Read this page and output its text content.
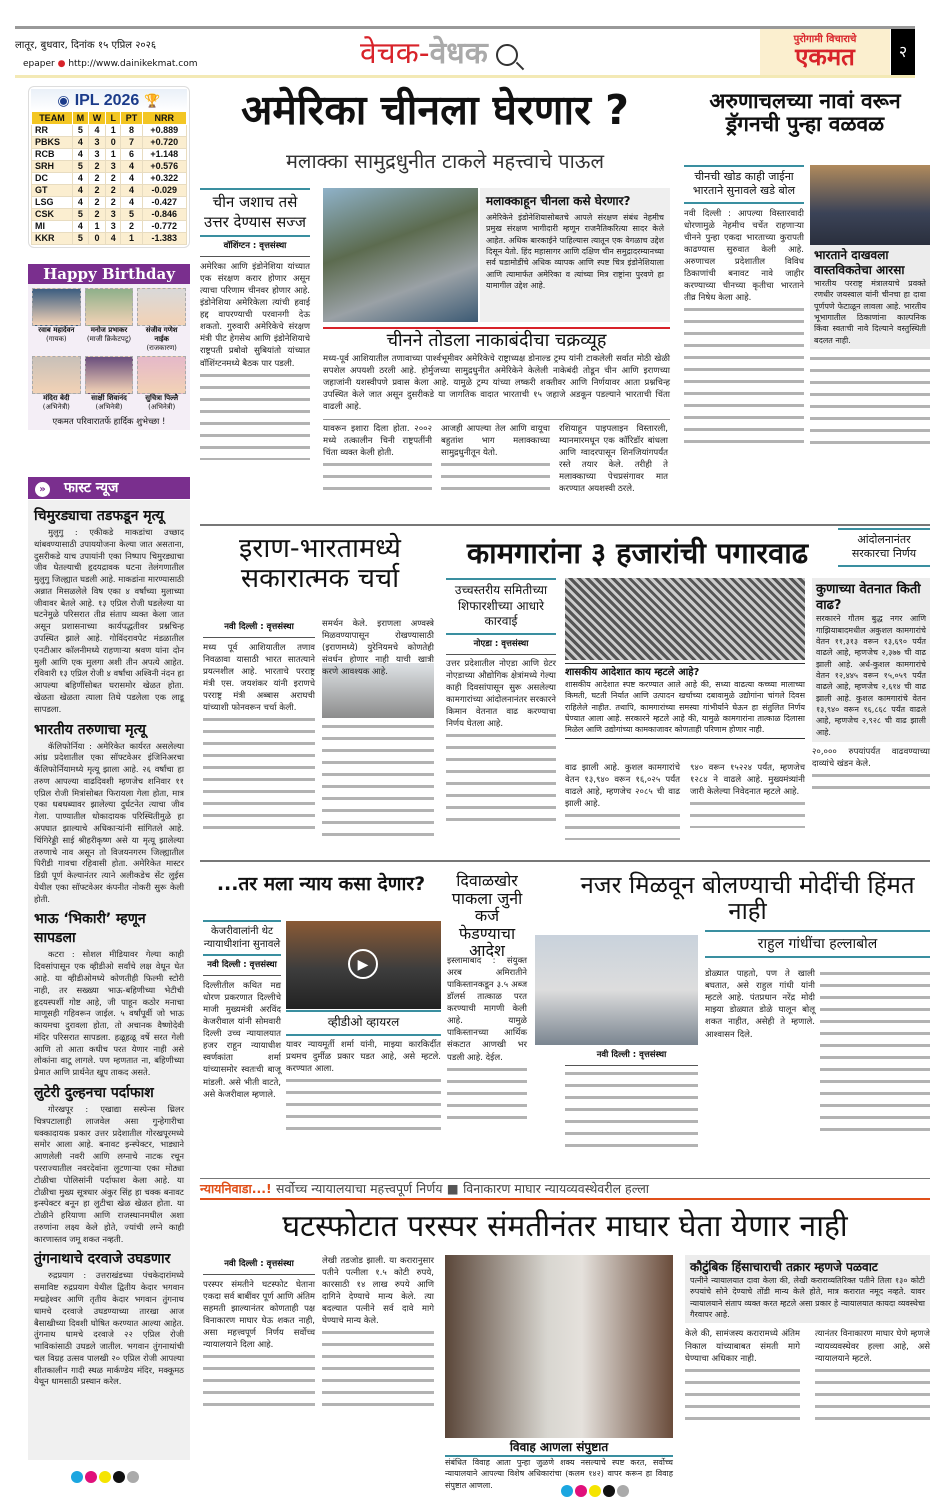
लातूर, बुधवार, दिनांक १५ एप्रिल २०२६
epaper ● http://www.dainikekmat.com	वेचक-वेधक	पुरोगामी विचाराचे
एकमत	२
◉ IPL 2026 🏆
TEAM	M	W	L	PT	NRR
RR	5	4	1	8	+0.889
PBKS	4	3	0	7	+0.720
RCB	4	3	1	6	+1.148
SRH	5	2	3	4	+0.576
DC	4	2	2	4	+0.322
GT	4	2	2	4	-0.029
LSG	4	2	2	4	-0.427
CSK	5	2	3	5	-0.846
MI	4	1	3	2	-0.772
KKR	5	0	4	1	-1.383
Happy Birthday
रवाब महादेवन
(गायक)
मनोज प्रभाकर
(माजी क्रिकेटपटू)
संजीव गणेश नाईक
(राजकारण)
मंदिरा बेदी
(अभिनेत्री)
साक्षी शिवानंद
(अभिनेत्री)
सुचित्रा पिल्लै
(अभिनेत्री)
एकमत परिवारातर्फे हार्दिक शुभेच्छा !
» फास्ट न्यूज
चिमुरड्याचा तडफडून मृत्यू
मुलुगु : एकीकडे माकडांचा उच्छाद थांबवण्यासाठी उपाययोजना केल्या जात असताना, दुसरीकडे याच उपायांनी एका निष्पाप चिमुरड्याचा जीव घेतल्याची हृदयद्रावक घटना तेलंगणातील मुलुगु जिल्ह्यात घडली आहे. माकडांना मारण्यासाठी अन्नात मिसळलेले विष एका ४ वर्षांच्या मुलाच्या जीवावर बेतले आहे. १३ एप्रिल रोजी घडलेल्या या घटनेमुळे परिसरात तीव्र संताप व्यक्त केला जात असून प्रशासनाच्या कार्यपद्धतीवर प्रश्नचिन्ह उपस्थित झाले आहे. गोविंदरावपेट मंडळातील एनटीआर कॉलनीमध्ये राहणाऱ्या श्रवण यांना दोन मुली आणि एक मुलगा अशी तीन अपत्ये आहेत. रविवारी १३ एप्रिल रोजी ४ वर्षांचा अश्विनी नंदन हा आपल्या बहिणींसोबत घरासमोर खेळत होता. खेळता खेळता त्याला तिथे पडलेला एक लाडू सापडला.
भारतीय तरुणाचा मृत्यू
कॅलिफोर्निया : अमेरिकेत कार्यरत असलेल्या आंध्र प्रदेशातील एका सॉफ्टवेअर इंजिनिअरचा कॅलिफोर्नियामध्ये मृत्यू झाला आहे. २६ वर्षांचा हा तरुण आपल्या वाढदिवशी म्हणजेच शनिवार ११ एप्रिल रोजी मित्रांसोबत फिरायला गेला होता, मात्र एका धबधब्यावर झालेल्या दुर्घटनेत त्याचा जीव गेला. पाण्यातील धोकादायक परिस्थितीमुळे हा अपघात झाल्याचे अधिकाऱ्यांनी सांगितले आहे. चिंगिरेड्डी साई श्रीहरीकृष्ण असे या मृत्यू झालेल्या तरुणाचे नाव असून तो विजयनगरम जिल्ह्यातील पिरीडी गावचा रहिवासी होता. अमेरिकेत मास्टर डिग्री पूर्ण केल्यानंतर त्याने अलीकडेच सेंट लुईस येथील एका सॉफ्टवेअर कंपनीत नोकरी सुरू केली होती.
भाऊ ‘भिकारी’ म्हणून सापडला
कटरा : सोशल मीडियावर गेल्या काही दिवसांपासून एक व्हीडीओ सर्वांचे लक्ष वेधून घेत आहे. या व्हीडीओमध्ये कोणतीही फिल्मी स्टोरी नाही, तर सख्ख्या भाऊ-बहिणीच्या भेटीची हृदयस्पर्शी गोष्ट आहे, जी पाहून कठोर मनाचा माणूसही गहिवरून जाईल. ५ वर्षांपूर्वी जो भाऊ कायमचा दुरावला होता, तो अचानक वैष्णोदेवी मंदिर परिसरात सापडला. हळूहळू वर्षे सरत गेली आणि तो आता कधीच परत येणार नाही असे लोकांना वाटू लागले. पण म्हणतात ना, बहिणीच्या प्रेमात आणि प्रार्थनेत खूप ताकद असते.
लुटेरी दुल्हनचा पर्दाफाश
गोरखपूर : एखाद्या सस्पेन्स थ्रिलर चित्रपटालाही लाजवेल असा गुन्हेगारीचा धक्कादायक प्रकार उत्तर प्रदेशातील गोरखपूरमध्ये समोर आला आहे. बनावट इन्स्पेक्टर, भाड्याने आणलेली नवरी आणि लग्नाचे नाटक रचून परराज्यातील नवरदेवांना लुटणाऱ्या एका मोठ्या टोळीचा पोलिसांनी पर्दाफाश केला आहे. या टोळीचा मुख्य सूत्रधार अंकुर सिंह हा चक्क बनावट इन्स्पेक्टर बनून हा लुटीचा खेळ खेळत होता. या टोळीने हरियाणा आणि राजस्थानमधील अशा तरुणांना लक्ष्य केले होते, ज्यांची लग्ने काही कारणास्तव जमू शकत नव्हती.
तुंगनाथाचे दरवाजे उघडणार
रुद्रप्रयाग : उत्तराखंडच्या पंचकेदारांमध्ये समाविष्ट रुद्रप्रयाग येथील द्वितीय केदार भगवान मद्महेश्वर आणि तृतीय केदार भगवान तुंगनाथ धामचे दरवाजे उघडण्याच्या तारखा आज बैसाखीच्या दिवशी घोषित करण्यात आल्या आहेत. तुंगनाथ धामचे दरवाजे २२ एप्रिल रोजी भाविकांसाठी उघडले जातील. भगवान तुंगनाथांची चल विग्रह उत्सव पालखी २० एप्रिल रोजी आपल्या शीतकालीन गादी स्थळ मार्कण्डेय मंदिर, मक्कूमठ येथून धामसाठी प्रस्थान करेल.
अमेरिका चीनला घेरणार ?
मलाक्का सामुद्रधुनीत टाकले महत्त्वाचे पाऊल
चीन जशाच तसे उत्तर देण्यास सज्ज
वॉशिंग्टन : वृत्तसंस्था
अमेरिका आणि इंडोनेशिया यांच्यात एक संरक्षण करार होणार असून त्याचा परिणाम चीनवर होणार आहे. इंडोनेशिया अमेरिकेला त्यांची हवाई हद्द वापरण्याची परवानगी देऊ शकतो. गुरुवारी अमेरिकेचे संरक्षण मंत्री पीट हेगसेथ आणि इंडोनेशियाचे राष्ट्रपती प्रबोवो सुबियांतो यांच्यात वॉशिंग्टनमध्ये बैठक पार पडली.
मलाक्काहून चीनला कसे घेरणार?
अमेरिकेने इंडोनेशियासोबतचे आपले संरक्षण संबंध नेहमीच प्रमुख संरक्षण भागीदारी म्हणून राजनैतिकरित्या सादर केले आहेत. अधिक बारकाईने पाहिल्यास त्यातून एक वेगळाच उद्देश दिसून येतो. हिंद महासागर आणि दक्षिण चीन समुद्रादरम्यानच्या सर्व घडामोडींचे अधिक व्यापक आणि स्पष्ट चित्र इंडोनेशियाला आणि त्यामार्फत अमेरिका व त्यांच्या मित्र राष्ट्रांना पुरवणे हा यामागील उद्देश आहे.
चीनने तोडला नाकाबंदीचा चक्रव्यूह
मध्य-पूर्व आशियातील तणावाच्या पार्श्वभूमीवर अमेरिकेचे राष्ट्राध्यक्ष डोनाल्ड ट्रम्प यांनी टाकलेली सर्वात मोठी खेळी सपशेल अपयशी ठरली आहे. होर्मुजच्या सामुद्रधुनीत अमेरिकेने केलेली नाकेबंदी तोडून चीन आणि इराणच्या जहाजांनी यशस्वीपणे प्रवास केला आहे. यामुळे ट्रम्प यांच्या लष्करी शक्तीवर आणि निर्णयावर आता प्रश्नचिन्ह उपस्थित केले जात असून दुसरीकडे या जागतिक वादात भारताची १५ जहाजे अडकून पडल्याने भारताची चिंता वाढली आहे.
यावरून इशारा दिला होता. २००२ मध्ये तत्कालीन चिनी राष्ट्रपतींनी चिंता व्यक्त केली होती.
आजही आपल्या तेल आणि वायूचा बहुतांश भाग मलाक्काच्या सामुद्रधुनीतून येतो.
रशियाहून पाइपलाइन विस्तारली, म्यानमारमधून एक कॉरिडॉर बांधला आणि ग्वादरपासून शिनजियांगपर्यंत रस्ते तयार केले. तरीही ते मलाक्काच्या पेचप्रसंगावर मात करण्यात अयशस्वी ठरले.
अरुणाचलच्या नावां वरून ड्रॅगनची पुन्हा वळवळ
चीनची खोड काही जाईना भारताने सुनावले खडे बोल
नवी दिल्ली : आपल्या विस्तारवादी धोरणामुळे नेहमीच चर्चेत राहणाऱ्या चीनने पुन्हा एकदा भारताच्या कुरापती काढण्यास सुरुवात केली आहे. अरुणाचल प्रदेशातील विविध ठिकाणांची बनावट नावे जाहीर करण्याच्या चीनच्या कृतीचा भारताने तीव्र निषेध केला आहे.
भारताने दाखवला वास्तविकतेचा आरसा
भारतीय परराष्ट्र मंत्रालयाचे प्रवक्ते रणधीर जयस्वाल यांनी चीनचा हा दावा पूर्णपणे फेटाळून लावला आहे. भारतीय भूभागातील ठिकाणांना काल्पनिक किंवा स्वतःची नावे दिल्याने वस्तुस्थिती बदलत नाही.
इराण-भारतामध्ये सकारात्मक चर्चा
नवी दिल्ली : वृत्तसंस्था
मध्य पूर्व आशियातील तणाव निवळावा यासाठी भारत सातत्याने प्रयत्नशील आहे. भारताचे परराष्ट्र मंत्री एस. जयशंकर यांनी इराणचे परराष्ट्र मंत्री अब्बास अराघची यांच्याशी फोनवरून चर्चा केली.
समर्थन केले. इराणला अण्वस्त्रे मिळवण्यापासून रोखण्यासाठी (इराणमध्ये) युरेनियमचे कोणतेही संवर्धन होणार नाही याची खात्री करणे आवश्यक आहे.
कामगारांना ३ हजारांची पगारवाढ	आंदोलनानंतर सरकारचा निर्णय
उच्चस्तरीय समितीच्या शिफारशीच्या आधारे कारवाई
नोएडा : वृत्तसंस्था
उत्तर प्रदेशातील नोएडा आणि ग्रेटर नोएडाच्या औद्योगिक क्षेत्रांमध्ये गेल्या काही दिवसांपासून सुरू असलेल्या कामगारांच्या आंदोलनानंतर सरकारने किमान वेतनात वाढ करण्याचा निर्णय घेतला आहे.
शासकीय आदेशात काय म्हटले आहे?
शासकीय आदेशात स्पष्ट करण्यात आले आहे की, सध्या वाढत्या कच्च्या मालाच्या किमती, घटती निर्यात आणि उत्पादन खर्चाच्या दबावामुळे उद्योगांना चांगले दिवस राहिलेले नाहीत. तथापि, कामगारांच्या समस्या गांभीर्याने घेऊन हा संतुलित निर्णय घेण्यात आला आहे. सरकारने म्हटले आहे की, यामुळे कामगारांना तात्काळ दिलासा मिळेल आणि उद्योगांच्या कामकाजावर कोणताही परिणाम होणार नाही.
वाढ झाली आहे. कुशल कामगारांचे वेतन १३,९४० वरून १६,०२५ पर्यंत वाढले आहे, म्हणजेच २०८५ ची वाढ झाली आहे.
९४० वरून १५२२४ पर्यंत, म्हणजेच १२८४ ने वाढले आहे. मुख्यमंत्र्यांनी जारी केलेल्या निवेदनात म्हटले आहे.
कुणाच्या वेतनात किती वाढ?
सरकारने गौतम बुद्ध नगर आणि गाझियाबादमधील अकुशल कामगारांचे वेतन ११,३१३ वरून १३,६९० पर्यंत वाढले आहे, म्हणजेच २,३७७ ची वाढ झाली आहे. अर्ध-कुशल कामगारांचे वेतन १२,४४५ वरून १५,०५९ पर्यंत वाढले आहे, म्हणजेच २,६१४ ची वाढ झाली आहे. कुशल कामगारांचे वेतन १३,९४० वरून १६,८६८ पर्यंत वाढले आहे, म्हणजेच २,९२८ ची वाढ झाली आहे.
२०,००० रुपयांपर्यंत वाढवण्याच्या दाव्यांचे खंडन केले.
...तर मला न्याय कसा देणार?
केजरीवालांनी थेट न्यायाधीशांना सुनावले
नवी दिल्ली : वृत्तसंस्था
दिल्लीतील कथित मद्य धोरण प्रकरणात दिल्लीचे माजी मुख्यमंत्री अरविंद केजरीवाल यांनी सोमवारी दिल्ली उच्च न्यायालयात हजर राहून न्यायाधीश स्वर्णकांता शर्मा यांच्यासमोर स्वतःची बाजू मांडली. असे भीती वाटते, असे केजरीवाल म्हणाले.
▶
व्हीडीओ व्हायरल
यावर न्यायमूर्ती शर्मा यांनी, माझ्या कारकिर्दीत प्रथमच दुर्मीळ प्रकार घडत आहे, असे म्हटले. करण्यात आला.
दिवाळखोर पाकला जुनी कर्ज फेडण्याचा आदेश
इस्लामाबाद : संयुक्त अरब अमिरातीने पाकिस्तानकडून ३.५ अब्ज डॉलर्स तात्काळ परत करण्याची मागणी केली आहे. यामुळे पाकिस्तानच्या आर्थिक संकटात आणखी भर पडली आहे. देईल.
नजर मिळवून बोलण्याची मोदींची हिंमत नाही
नवी दिल्ली : वृत्तसंस्था
राहुल गांधींचा हल्लाबोल
डोळ्यात पाहतो, पण ते खाली बघतात, असे राहुल गांधी यांनी म्हटले आहे. पंतप्रधान नरेंद्र मोदी माझ्या डोळ्यात डोळे घालून बोलू शकत नाहीत, असेही ते म्हणाले. आश्वासन दिले.
न्यायनिवाडा...! सर्वोच्च न्यायालयाचा महत्त्वपूर्ण निर्णय ■ विनाकारण माघार न्यायव्यवस्थेवरील हल्ला
घटस्फोटात परस्पर संमतीनंतर माघार घेता येणार नाही
नवी दिल्ली : वृत्तसंस्था
परस्पर संमतीने घटस्फोट घेताना एकदा सर्व बाबींवर पूर्ण आणि अंतिम सहमती झाल्यानंतर कोणताही पक्ष विनाकारण माघार घेऊ शकत नाही, असा महत्त्वपूर्ण निर्णय सर्वोच्च न्यायालयाने दिला आहे.
लेखी तडजोड झाली. या करारानुसार पतीने पत्नीला १.५ कोटी रुपये, कारसाठी १४ लाख रुपये आणि दागिने देण्याचे मान्य केले. त्या बदल्यात पत्नीने सर्व दावे मागे घेण्याचे मान्य केले.
विवाह आणला संपुष्टात
संबंधित विवाह आता पुन्हा जुळणे शक्य नसल्याचे स्पष्ट करत, सर्वोच्च न्यायालयाने आपल्या विशेष अधिकारांचा (कलम १४२) वापर करून हा विवाह संपुष्टात आणला.
कौटुंबिक हिंसाचाराची तक्रार म्हणजे पळवाट
पत्नीने न्यायालयात दावा केला की, लेखी कराराव्यतिरिक्त पतीने तिला १३० कोटी रुपयांचे सोने देण्याचे तोंडी मान्य केले होते, मात्र करारात नमूद नव्हते. यावर न्यायालयाने संताप व्यक्त करत म्हटले असा प्रकार हे न्यायालयात कायदा व्यवस्थेचा गैरवापर आहे.
केले की, सामंजस्य करारामध्ये अंतिम निकाल यांच्याबाबत संमती मागे घेण्याचा अधिकार नाही.
त्यानंतर विनाकारण माघार घेणे म्हणजे न्यायव्यवस्थेवर हल्ला आहे, असे न्यायालयाने म्हटले.
